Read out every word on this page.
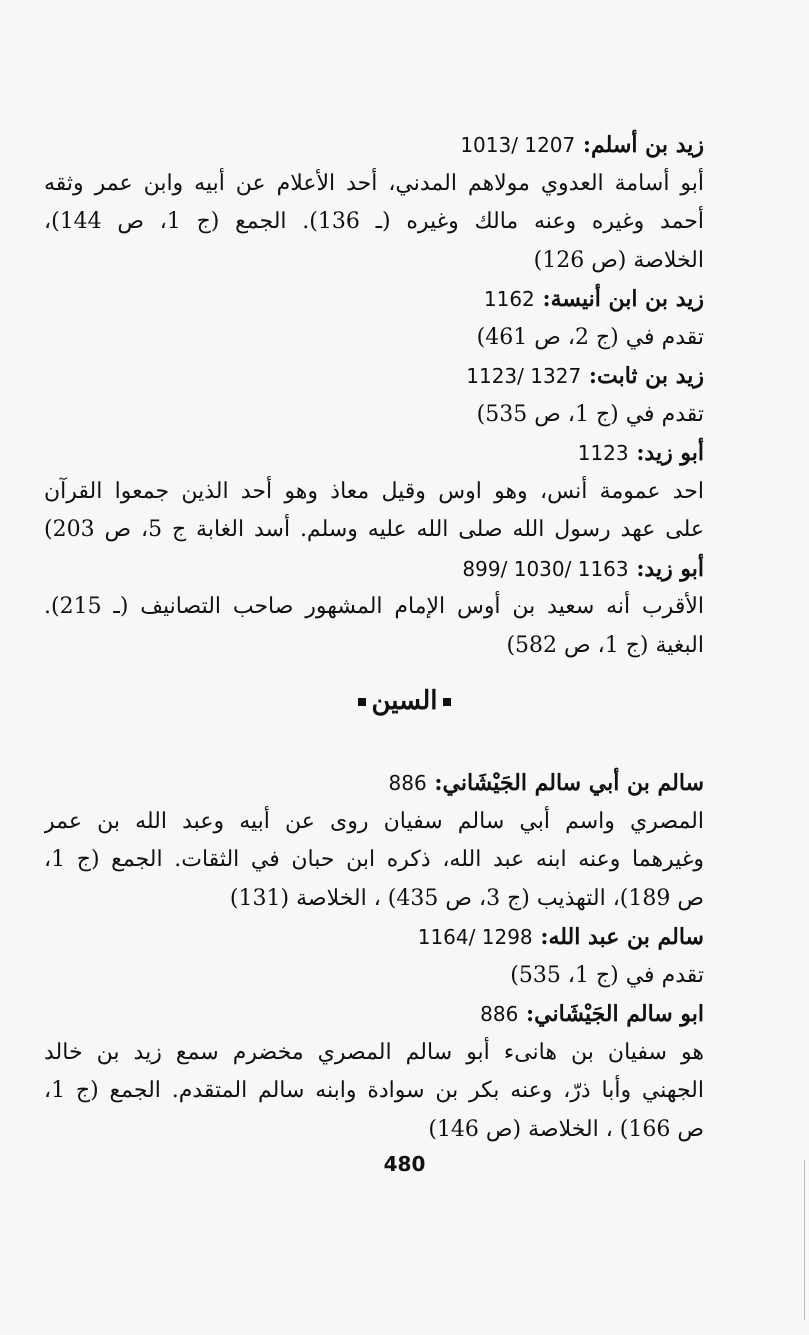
زيد بن أسلم: 1207 /1013
أبو أسامة العدوي مولاهم المدني، أحد الأعلام عن أبيه وابن عمر وثقه
أحمد وغيره وعنه مالك وغيره (ـ 136). الجمع (ج 1، ص 144)،
الخلاصة (ص 126)
زيد بن ابن أنيسة: 1162
تقدم في (ج 2، ص 461)
زيد بن ثابت: 1327 /1123
تقدم في (ج 1، ص 535)
أبو زيد: 1123
احد عمومة أنس، وهو اوس وقيل معاذ وهو أحد الذين جمعوا القرآن
على عهد رسول الله صلى الله عليه وسلم. أسد الغابة ج 5، ص 203)
أبو زيد: 1163 /1030 /899
الأقرب أنه سعيد بن أوس الإمام المشهور صاحب التصانيف (ـ 215).
البغية (ج 1، ص 582)
السين
سالم بن أبي سالم الجَيْشَاني: 886
المصري واسم أبي سالم سفيان روى عن أبيه وعبد الله بن عمر
وغيرهما وعنه ابنه عبد الله، ذكره ابن حبان في الثقات. الجمع (ج 1،
ص 189)، التهذيب (ج 3، ص 435) ، الخلاصة (131)
سالم بن عبد الله: 1298 /1164
تقدم في (ج 1، 535)
ابو سالم الجَيْشَاني: 886
هو سفيان بن هانىء أبو سالم المصري مخضرم سمع زيد بن خالد
الجهني وأبا ذرّ، وعنه بكر بن سوادة وابنه سالم المتقدم. الجمع (ج 1،
ص 166) ، الخلاصة (ص 146)
480
